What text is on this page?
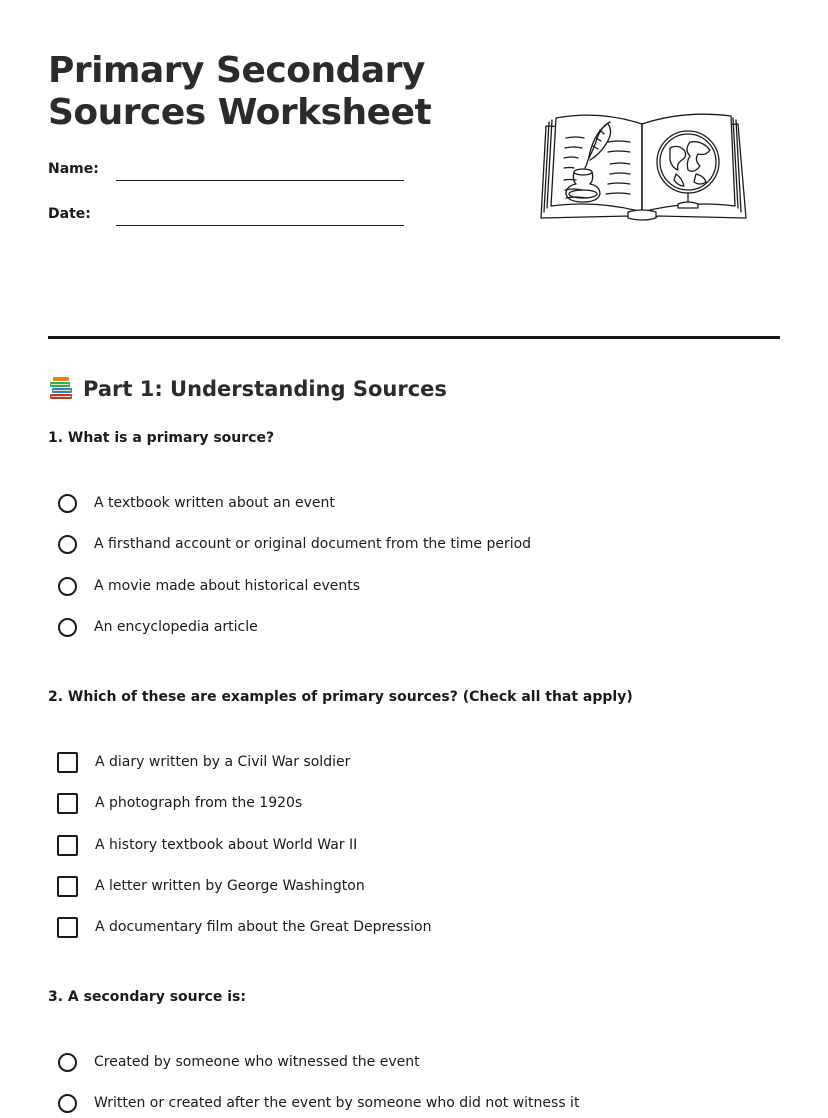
Primary Secondary Sources Worksheet
Name:
Date:
Part 1: Understanding Sources

1. What is a primary source?

A textbook written about an event
A firsthand account or original document from the time period
A movie made about historical events
An encyclopedia article

2. Which of these are examples of primary sources? (Check all that apply)

A diary written by a Civil War soldier
A photograph from the 1920s
A history textbook about World War II
A letter written by George Washington
A documentary film about the Great Depression

3. A secondary source is:

Created by someone who witnessed the event
Written or created after the event by someone who did not witness it
